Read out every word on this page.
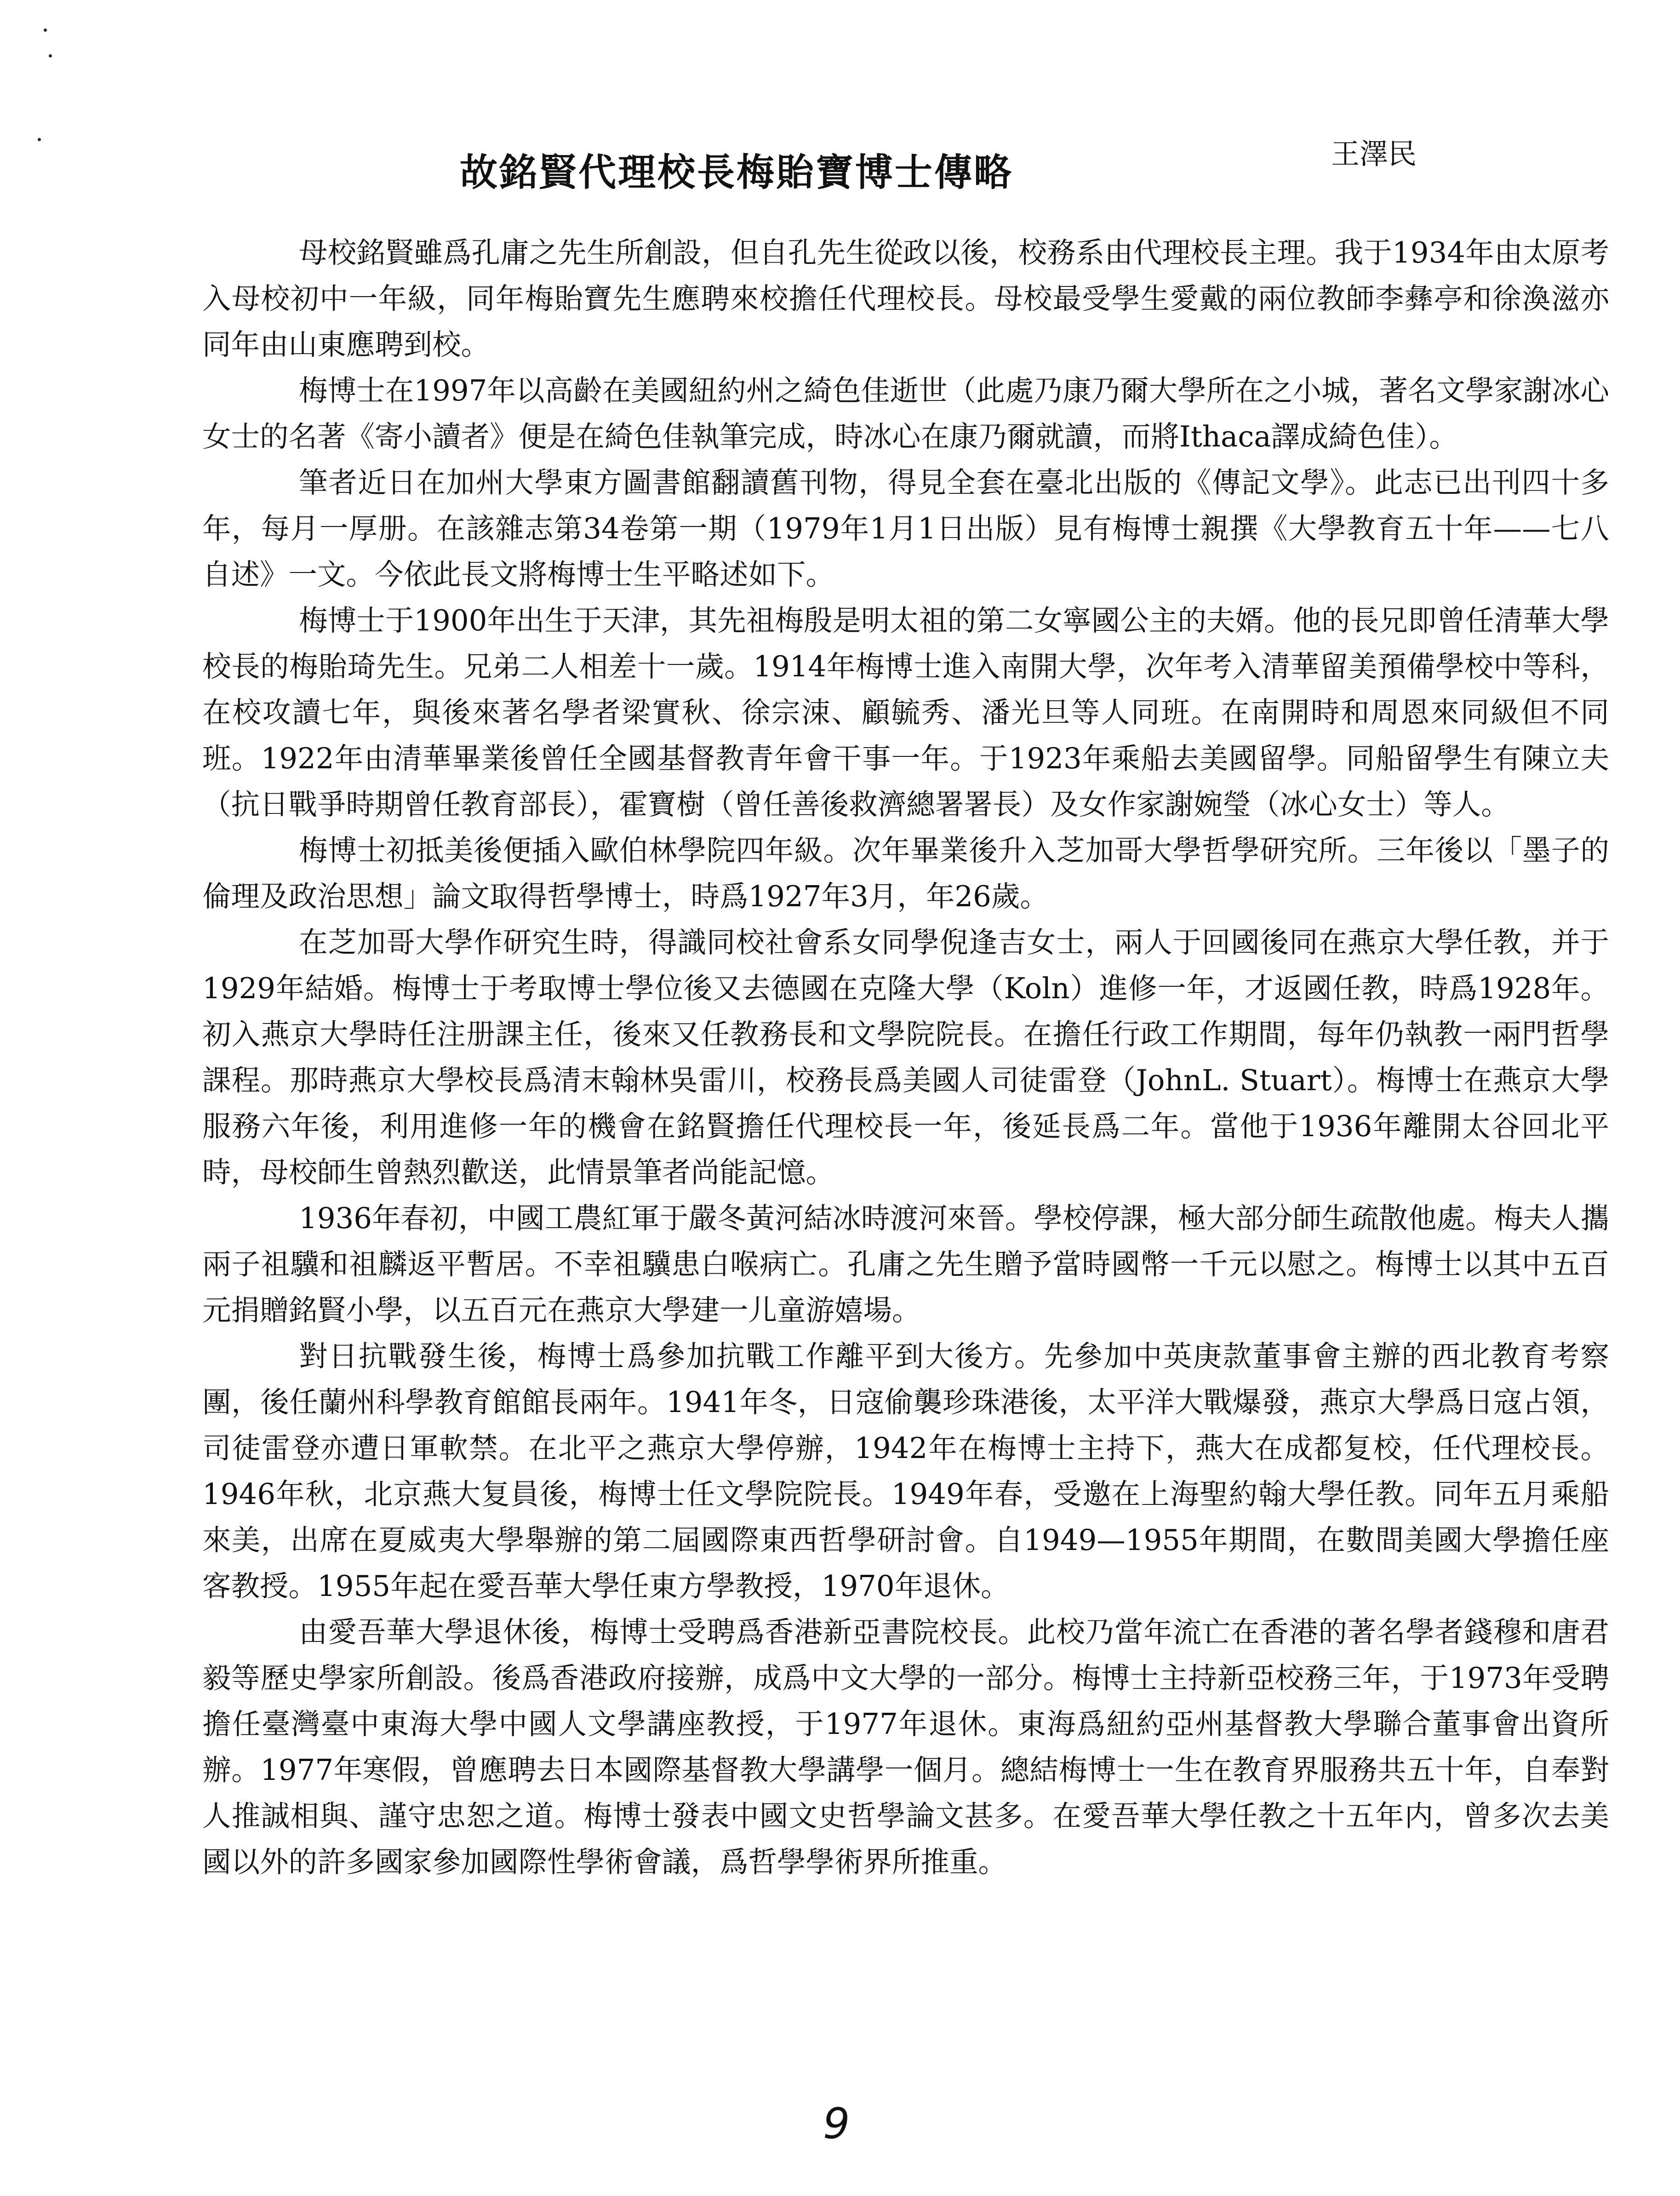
故銘賢代理校長梅貽寶博士傳略	王澤民

母校銘賢雖爲孔庸之先生所創設，但自孔先生從政以後，校務系由代理校長主理。我于1934年由太原考入母校初中一年級，同年梅貽寶先生應聘來校擔任代理校長。母校最受學生愛戴的兩位教師李彝亭和徐渙滋亦同年由山東應聘到校。

梅博士在1997年以高齡在美國紐約州之綺色佳逝世（此處乃康乃爾大學所在之小城，著名文學家謝冰心女士的名著《寄小讀者》便是在綺色佳執筆完成，時冰心在康乃爾就讀，而將Ithaca譯成綺色佳）。

筆者近日在加州大學東方圖書館翻讀舊刊物，得見全套在臺北出版的《傳記文學》。此志已出刊四十多年，每月一厚册。在該雜志第34卷第一期（1979年1月1日出版）見有梅博士親撰《大學教育五十年——七八自述》一文。今依此長文將梅博士生平略述如下。

梅博士于1900年出生于天津，其先祖梅殷是明太祖的第二女寧國公主的夫婿。他的長兄即曾任清華大學校長的梅貽琦先生。兄弟二人相差十一歲。1914年梅博士進入南開大學，次年考入清華留美預備學校中等科，在校攻讀七年，與後來著名學者梁實秋、徐宗涑、顧毓秀、潘光旦等人同班。在南開時和周恩來同級但不同班。1922年由清華畢業後曾任全國基督教青年會干事一年。于1923年乘船去美國留學。同船留學生有陳立夫（抗日戰爭時期曾任教育部長），霍寶樹（曾任善後救濟總署署長）及女作家謝婉瑩（冰心女士）等人。

梅博士初抵美後便插入歐伯林學院四年級。次年畢業後升入芝加哥大學哲學研究所。三年後以「墨子的倫理及政治思想」論文取得哲學博士，時爲1927年3月，年26歲。

在芝加哥大學作研究生時，得識同校社會系女同學倪逢吉女士，兩人于回國後同在燕京大學任教，并于1929年結婚。梅博士于考取博士學位後又去德國在克隆大學（Koln）進修一年，才返國任教，時爲1928年。初入燕京大學時任注册課主任，後來又任教務長和文學院院長。在擔任行政工作期間，每年仍執教一兩門哲學課程。那時燕京大學校長爲清末翰林吳雷川，校務長爲美國人司徒雷登（JohnL. Stuart）。梅博士在燕京大學服務六年後，利用進修一年的機會在銘賢擔任代理校長一年，後延長爲二年。當他于1936年離開太谷回北平時，母校師生曾熱烈歡送，此情景筆者尚能記憶。

1936年春初，中國工農紅軍于嚴冬黃河結冰時渡河來晉。學校停課，極大部分師生疏散他處。梅夫人攜兩子祖驥和祖麟返平暫居。不幸祖驥患白喉病亡。孔庸之先生贈予當時國幣一千元以慰之。梅博士以其中五百元捐贈銘賢小學，以五百元在燕京大學建一儿童游嬉場。

對日抗戰發生後，梅博士爲參加抗戰工作離平到大後方。先參加中英庚款董事會主辦的西北教育考察團，後任蘭州科學教育館館長兩年。1941年冬，日寇偷襲珍珠港後，太平洋大戰爆發，燕京大學爲日寇占領，司徒雷登亦遭日軍軟禁。在北平之燕京大學停辦，1942年在梅博士主持下，燕大在成都复校，任代理校長。1946年秋，北京燕大复員後，梅博士任文學院院長。1949年春，受邀在上海聖約翰大學任教。同年五月乘船來美，出席在夏威夷大學舉辦的第二屆國際東西哲學研討會。自1949—1955年期間，在數間美國大學擔任座客教授。1955年起在愛吾華大學任東方學教授，1970年退休。

由愛吾華大學退休後，梅博士受聘爲香港新亞書院校長。此校乃當年流亡在香港的著名學者錢穆和唐君毅等歷史學家所創設。後爲香港政府接辦，成爲中文大學的一部分。梅博士主持新亞校務三年，于1973年受聘擔任臺灣臺中東海大學中國人文學講座教授，于1977年退休。東海爲紐約亞州基督教大學聯合董事會出資所辦。1977年寒假，曾應聘去日本國際基督教大學講學一個月。總結梅博士一生在教育界服務共五十年，自奉對人推誠相與、謹守忠恕之道。梅博士發表中國文史哲學論文甚多。在愛吾華大學任教之十五年内，曾多次去美國以外的許多國家參加國際性學術會議，爲哲學學術界所推重。

9
